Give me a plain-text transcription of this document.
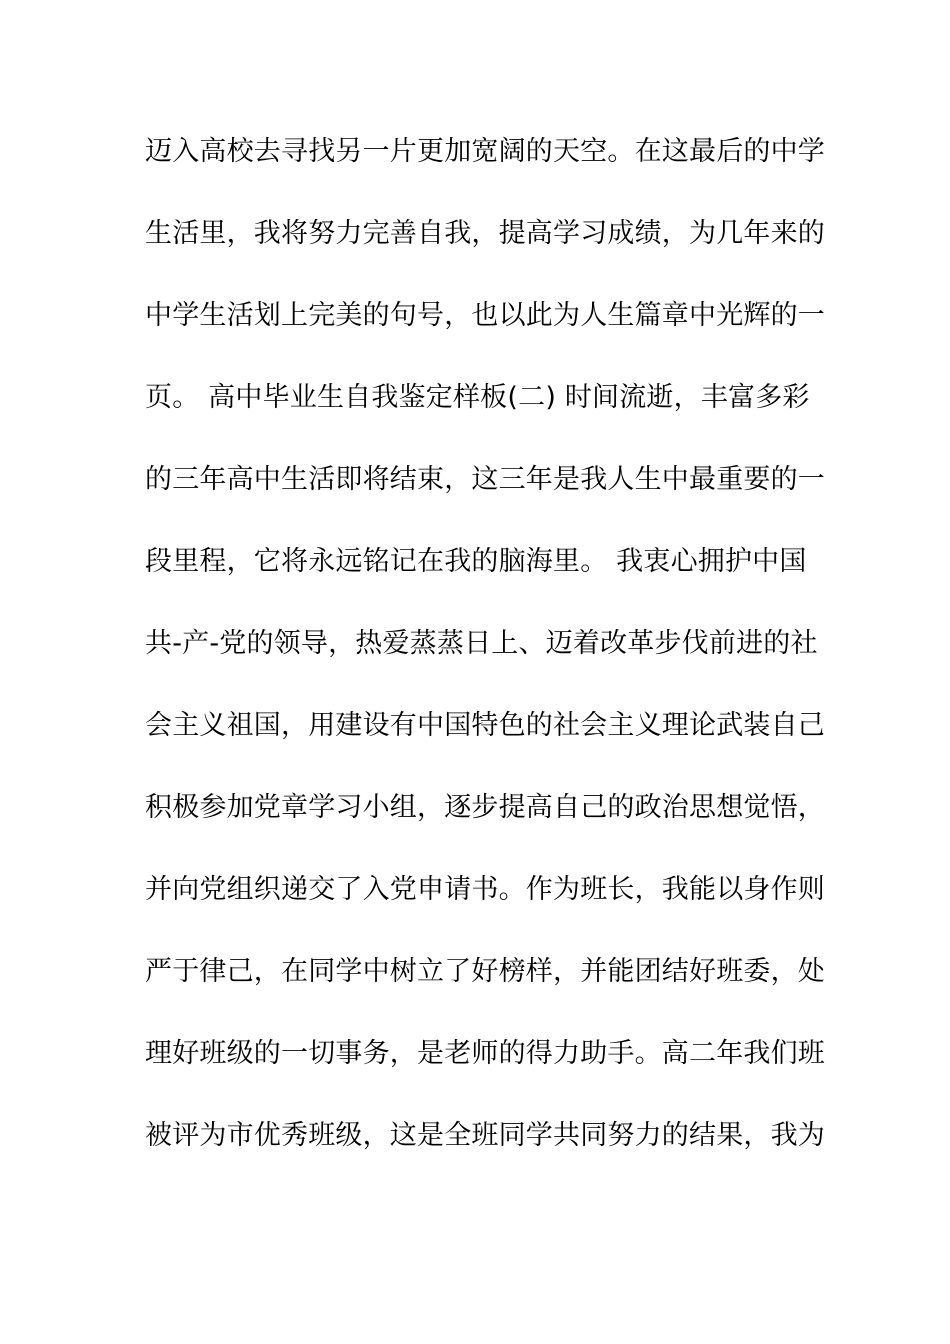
迈入高校去寻找另一片更加宽阔的天空。在这最后的中学
生活里，我将努力完善自我，提高学习成绩，为几年来的
中学生活划上完美的句号，也以此为人生篇章中光辉的一
页。 高中毕业生自我鉴定样板(二) 时间流逝，丰富多彩
的三年高中生活即将结束，这三年是我人生中最重要的一
段里程，它将永远铭记在我的脑海里。 我衷心拥护中国
共-产-党的领导，热爱蒸蒸日上、迈着改革步伐前进的社
会主义祖国，用建设有中国特色的社会主义理论武装自己
积极参加党章学习小组，逐步提高自己的政治思想觉悟，
并向党组织递交了入党申请书。作为班长，我能以身作则
严于律己，在同学中树立了好榜样，并能团结好班委，处
理好班级的一切事务，是老师的得力助手。高二年我们班
被评为市优秀班级，这是全班同学共同努力的结果，我为
